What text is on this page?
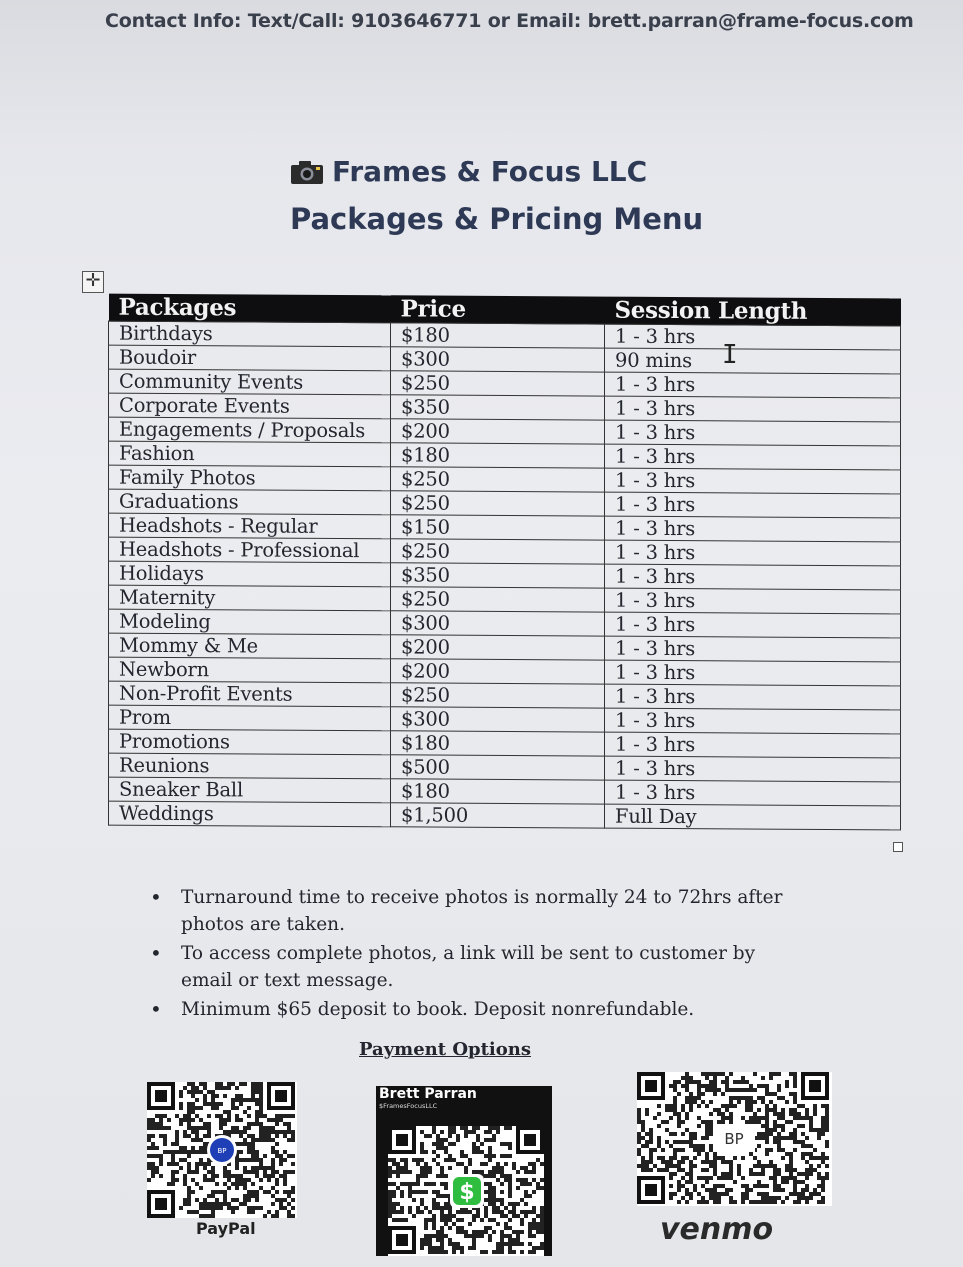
Contact Info: Text/Call: 9103646771 or Email: brett.parran@frame-focus.com
Frames & Focus LLC
Packages & Pricing Menu
✛
Packages	Price	Session Length
Birthdays	$180	1 - 3 hrs
Boudoir	$300	90 mins
Community Events	$250	1 - 3 hrs
Corporate Events	$350	1 - 3 hrs
Engagements / Proposals	$200	1 - 3 hrs
Fashion	$180	1 - 3 hrs
Family Photos	$250	1 - 3 hrs
Graduations	$250	1 - 3 hrs
Headshots - Regular	$150	1 - 3 hrs
Headshots - Professional	$250	1 - 3 hrs
Holidays	$350	1 - 3 hrs
Maternity	$250	1 - 3 hrs
Modeling	$300	1 - 3 hrs
Mommy & Me	$200	1 - 3 hrs
Newborn	$200	1 - 3 hrs
Non-Profit Events	$250	1 - 3 hrs
Prom	$300	1 - 3 hrs
Promotions	$180	1 - 3 hrs
Reunions	$500	1 - 3 hrs
Sneaker Ball	$180	1 - 3 hrs
Weddings	$1,500	Full Day
I
• Turnaround time to receive photos is normally 24 to 72hrs after photos are taken.
• To access complete photos, a link will be sent to customer by email or text message.
• Minimum $65 deposit to book. Deposit nonrefundable.
Payment Options
BP
PayPal
Brett Parran
$FramesFocusLLC
$
BP
venmo
